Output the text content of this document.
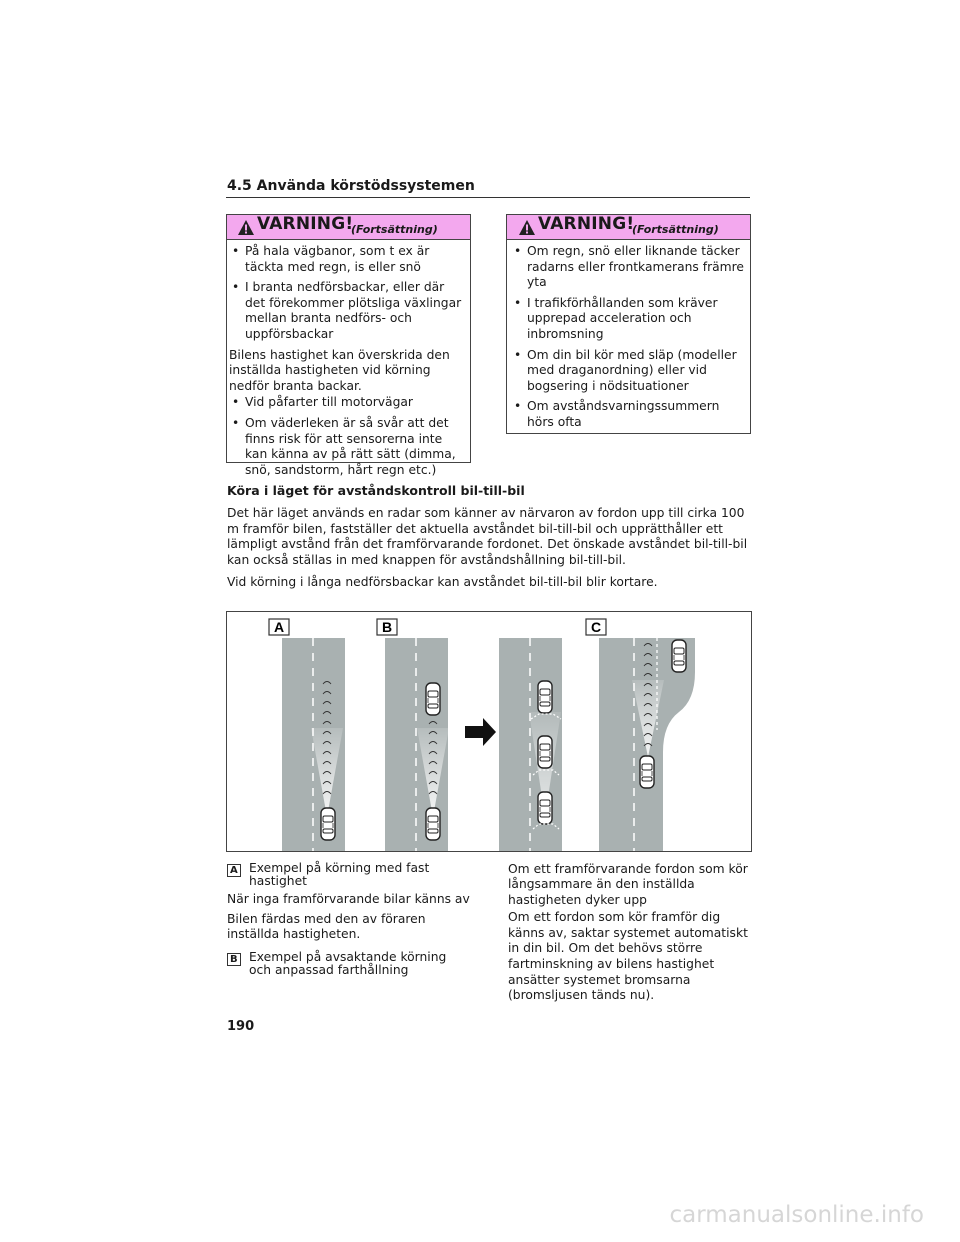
4.5 Använda körstödssystemen
VARNING!
(Fortsättning)
• På hala vägbanor, som t ex är täckta med regn, is eller snö
• I branta nedförsbackar, eller där det förekommer plötsliga växlingar mellan branta nedförs- och uppförsbackar
Bilens hastighet kan överskrida den inställda hastigheten vid körning nedför branta backar.
• Vid påfarter till motorvägar
• Om väderleken är så svår att det finns risk för att sensorerna inte kan känna av på rätt sätt (dimma, snö, sandstorm, hårt regn etc.)
VARNING!
(Fortsättning)
• Om regn, snö eller liknande täcker radarns eller frontkamerans främre yta
• I trafikförhållanden som kräver upprepad acceleration och inbromsning
• Om din bil kör med släp (modeller med draganordning) eller vid bogsering i nödsituationer
• Om avståndsvarningssummern hörs ofta
Köra i läget för avståndskontroll bil-till-bil
Det här läget används en radar som känner av närvaron av fordon upp till cirka 100 m framför bilen, fastställer det aktuella avståndet bil-till-bil och upprätthåller ett lämpligt avstånd från det framförvarande fordonet. Det önskade avståndet bil-till-bil kan också ställas in med knappen för avståndshållning bil-till-bil.
Vid körning i långa nedförsbackar kan avståndet bil-till-bil blir kortare.
A	B	C
A Exempel på körning med fast hastighet
När inga framförvarande bilar känns av
Bilen färdas med den av föraren inställda hastigheten.
B Exempel på avsaktande körning och anpassad farthållning
Om ett framförvarande fordon som kör långsammare än den inställda hastigheten dyker upp
Om ett fordon som kör framför dig känns av, saktar systemet automatiskt in din bil. Om det behövs större fartminskning av bilens hastighet ansätter systemet bromsarna (bromsljusen tänds nu).
190
carmanualsonline.info
